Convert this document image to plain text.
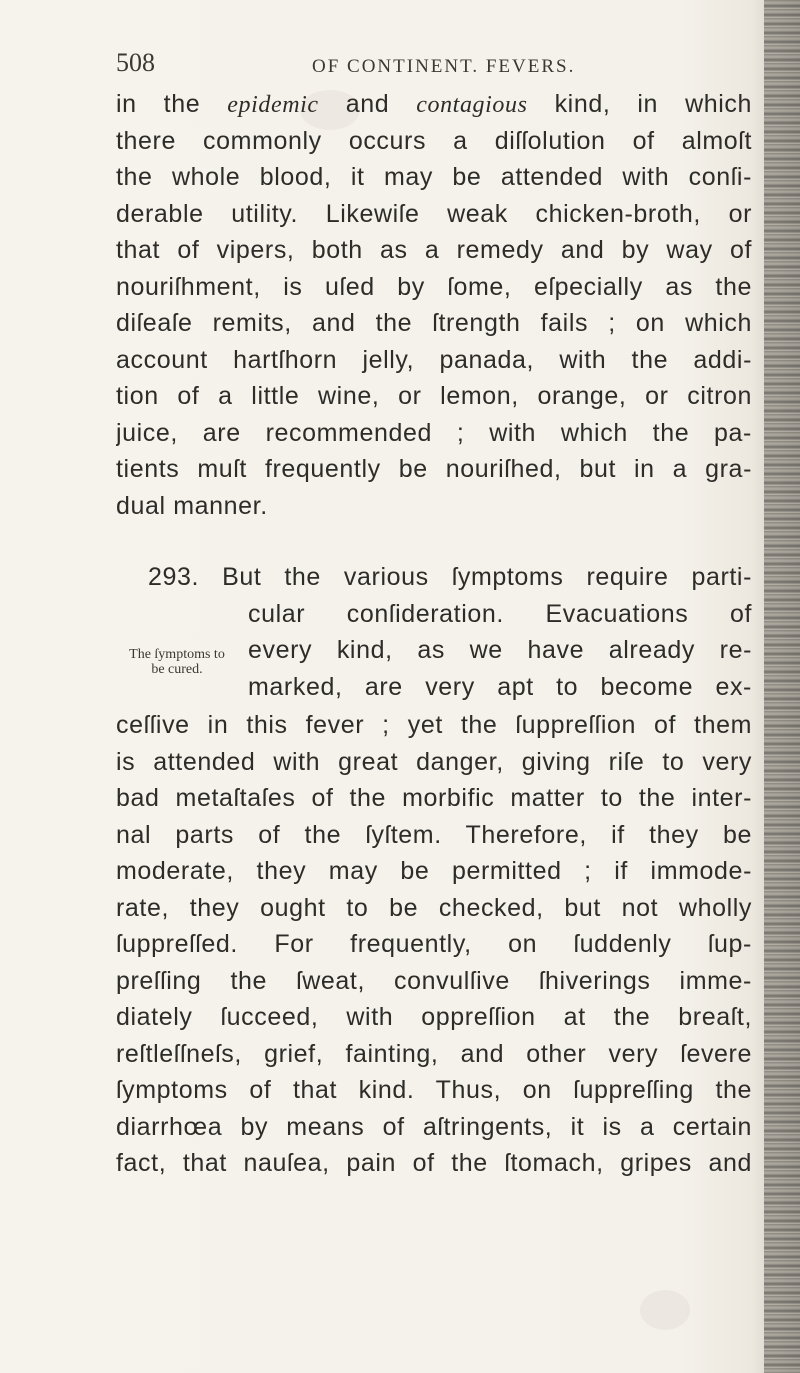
508	OF CONTINENT. FEVERS.
in the epidemic and contagious kind, in which
there commonly occurs a diſſolution of almoſt
the whole blood, it may be attended with conſi-
derable utility. Likewiſe weak chicken-broth, or
that of vipers, both as a remedy and by way of
nouriſhment, is uſed by ſome, eſpecially as the
diſeaſe remits, and the ſtrength fails ; on which
account hartſhorn jelly, panada, with the addi-
tion of a little wine, or lemon, orange, or citron
juice, are recommended ; with which the pa-
tients muſt frequently be nouriſhed, but in a gra-
dual manner.
293. But the various ſymptoms require parti-
cular conſideration. Evacuations of
every kind, as we have already re-
marked, are very apt to become ex-
The ſymptoms to
be cured.
ceſſive in this fever ; yet the ſuppreſſion of them
is attended with great danger, giving riſe to very
bad metaſtaſes of the morbific matter to the inter-
nal parts of the ſyſtem. Therefore, if they be
moderate, they may be permitted ; if immode-
rate, they ought to be checked, but not wholly
ſuppreſſed. For frequently, on ſuddenly ſup-
preſſing the ſweat, convulſive ſhiverings imme-
diately ſucceed, with oppreſſion at the breaſt,
reſtleſſneſs, grief, fainting, and other very ſevere
ſymptoms of that kind. Thus, on ſuppreſſing the
diarrhœa by means of aſtringents, it is a certain
fact, that nauſea, pain of the ſtomach, gripes and
